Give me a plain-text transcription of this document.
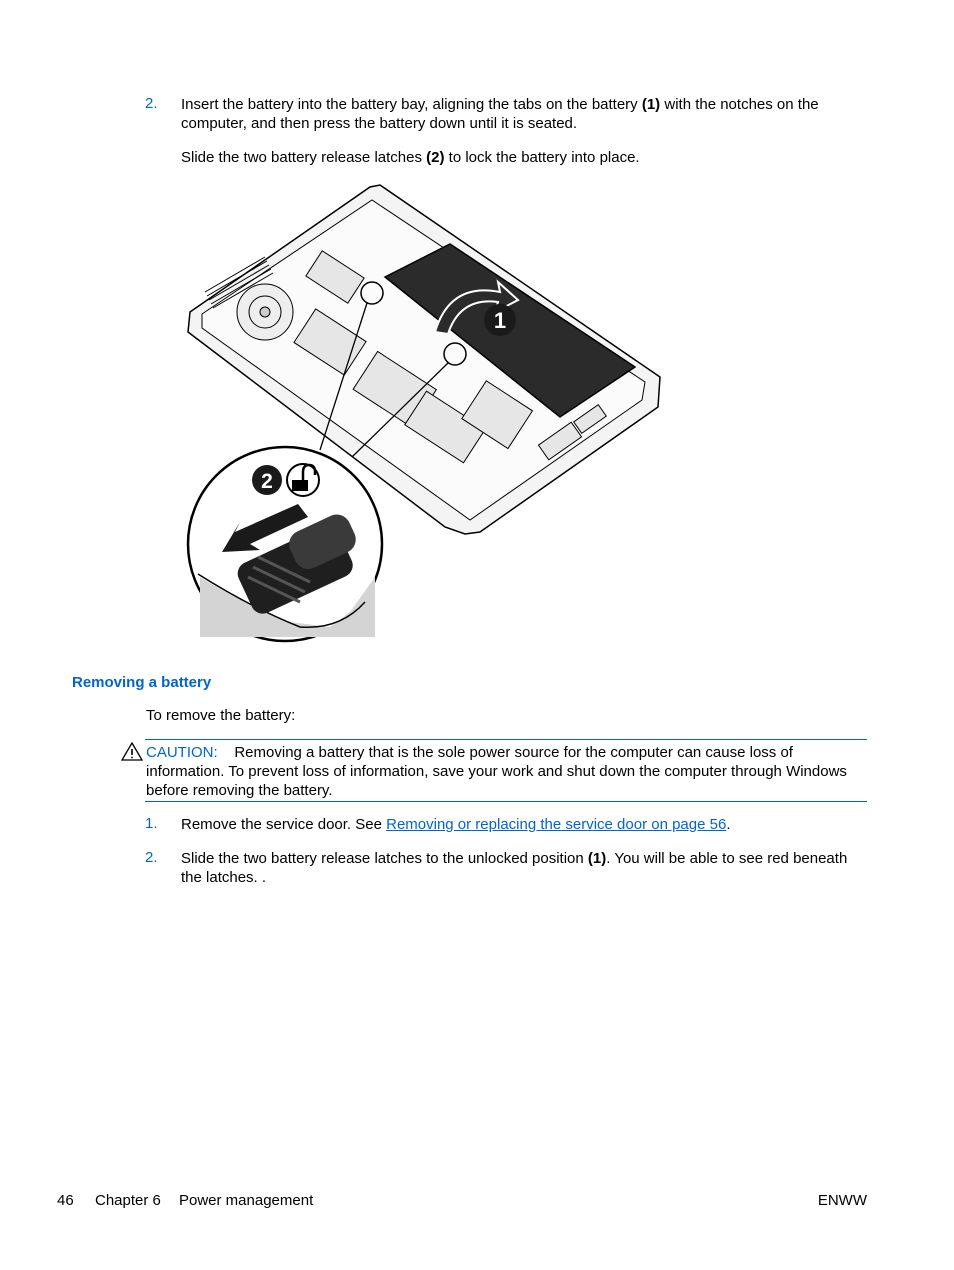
2.	Insert the battery into the battery bay, aligning the tabs on the battery (1) with the notches on the computer, and then press the battery down until it is seated.
Slide the two battery release latches (2) to lock the battery into place.
1
2
Removing a battery
To remove the battery:
CAUTION: Removing a battery that is the sole power source for the computer can cause loss of information. To prevent loss of information, save your work and shut down the computer through Windows before removing the battery.
1.	Remove the service door. See Removing or replacing the service door on page 56.
2.	Slide the two battery release latches to the unlocked position (1). You will be able to see red beneath the latches. .
46 Chapter 6 Power management	ENWW
